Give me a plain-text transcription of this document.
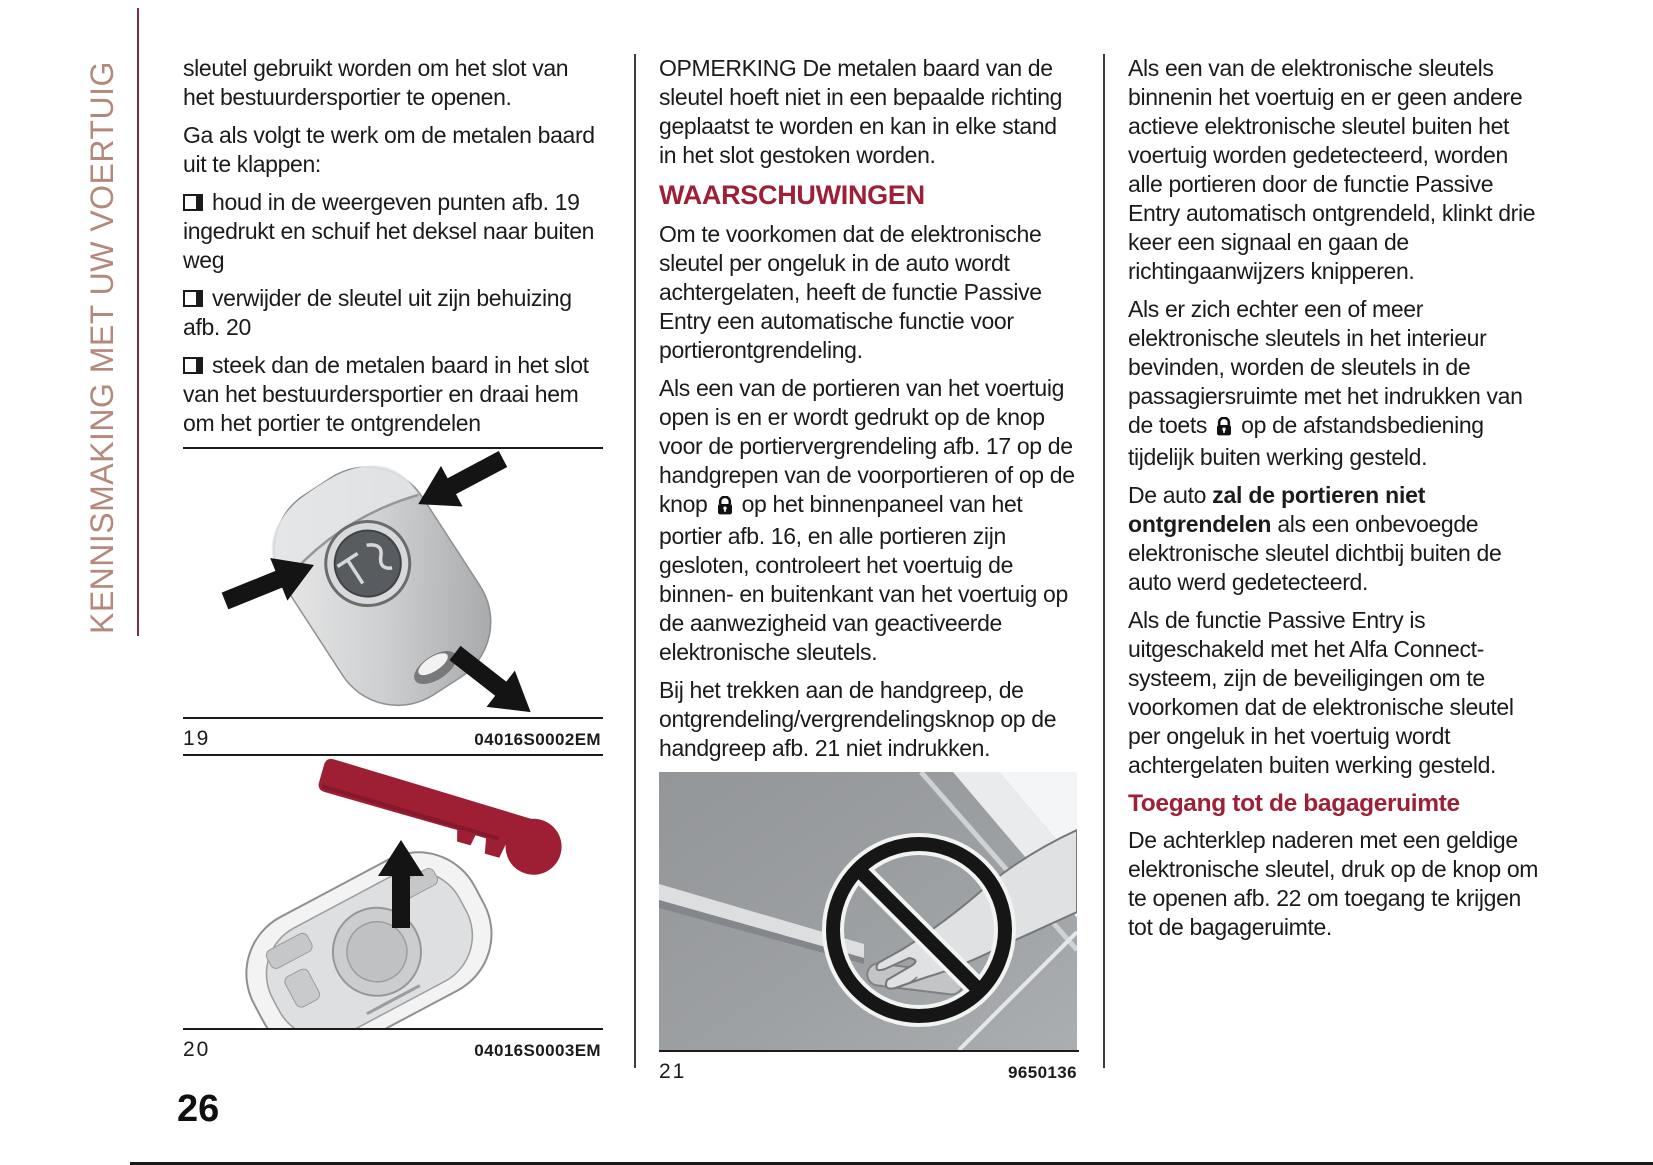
KENNISMAKING MET UW VOERTUIG	sleutel gebruikt worden om het slot van het bestuurdersportier te openen.

Ga als volgt te werk om de metalen baard uit te klappen:

houd in de weergeven punten afb. 19 ingedrukt en schuif het deksel naar buiten weg

verwijder de sleutel uit zijn behuizing afb. 20

steek dan de metalen baard in het slot van het bestuurdersportier en draai hem om het portier te ontgrendelen

19	04016S0002EM
20	04016S0003EM

OPMERKING De metalen baard van de sleutel hoeft niet in een bepaalde richting geplaatst te worden en kan in elke stand in het slot gestoken worden.

WAARSCHUWINGEN

Om te voorkomen dat de elektronische sleutel per ongeluk in de auto wordt achtergelaten, heeft de functie Passive Entry een automatische functie voor portierontgrendeling.

Als een van de portieren van het voertuig open is en er wordt gedrukt op de knop voor de portiervergrendeling afb. 17 op de handgrepen van de voorportieren of op de knop op het binnenpaneel van het portier afb. 16, en alle portieren zijn gesloten, controleert het voertuig de binnen- en buitenkant van het voertuig op de aanwezigheid van geactiveerde elektronische sleutels.

Bij het trekken aan de handgreep, de ontgrendeling/vergrendelingsknop op de handgreep afb. 21 niet indrukken.

21	9650136

Als een van de elektronische sleutels binnenin het voertuig en er geen andere actieve elektronische sleutel buiten het voertuig worden gedetecteerd, worden alle portieren door de functie Passive Entry automatisch ontgrendeld, klinkt drie keer een signaal en gaan de richtingaanwijzers knipperen.

Als er zich echter een of meer elektronische sleutels in het interieur bevinden, worden de sleutels in de passagiersruimte met het indrukken van de toets op de afstandsbediening tijdelijk buiten werking gesteld.

De auto zal de portieren niet ontgrendelen als een onbevoegde elektronische sleutel dichtbij buiten de auto werd gedetecteerd.

Als de functie Passive Entry is uitgeschakeld met het Alfa Connect-systeem, zijn de beveiligingen om te voorkomen dat de elektronische sleutel per ongeluk in het voertuig wordt achtergelaten buiten werking gesteld.

Toegang tot de bagageruimte

De achterklep naderen met een geldige elektronische sleutel, druk op de knop om te openen afb. 22 om toegang te krijgen tot de bagageruimte.

26
